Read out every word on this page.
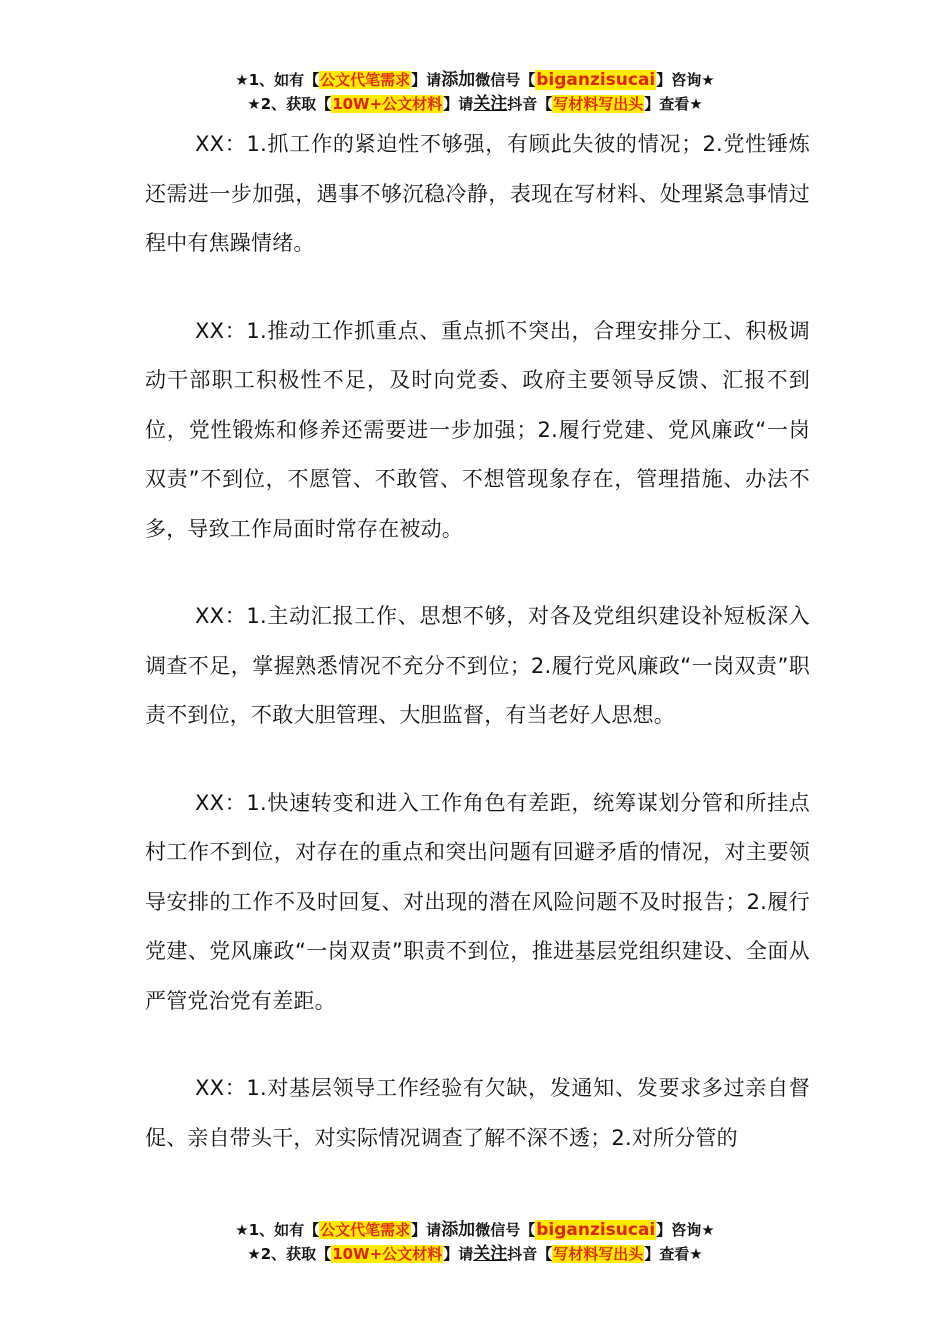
★1、如有【公文代笔需求】请添加微信号【biganzisucai】咨询★
★2、获取【10W+公文材料】请关注抖音【写材料写出头】查看★

XX：1.抓工作的紧迫性不够强，有顾此失彼的情况；2.党性锤炼还需进一步加强，遇事不够沉稳冷静，表现在写材料、处理紧急事情过程中有焦躁情绪。

XX：1.推动工作抓重点、重点抓不突出，合理安排分工、积极调动干部职工积极性不足，及时向党委、政府主要领导反馈、汇报不到位，党性锻炼和修养还需要进一步加强；2.履行党建、党风廉政“一岗双责”不到位，不愿管、不敢管、不想管现象存在，管理措施、办法不多，导致工作局面时常存在被动。

XX：1.主动汇报工作、思想不够，对各及党组织建设补短板深入调查不足，掌握熟悉情况不充分不到位；2.履行党风廉政“一岗双责”职责不到位，不敢大胆管理、大胆监督，有当老好人思想。

XX：1.快速转变和进入工作角色有差距，统筹谋划分管和所挂点村工作不到位，对存在的重点和突出问题有回避矛盾的情况，对主要领导安排的工作不及时回复、对出现的潜在风险问题不及时报告；2.履行党建、党风廉政“一岗双责”职责不到位，推进基层党组织建设、全面从严管党治党有差距。

XX：1.对基层领导工作经验有欠缺，发通知、发要求多过亲自督促、亲自带头干，对实际情况调查了解不深不透；2.对所分管的

★1、如有【公文代笔需求】请添加微信号【biganzisucai】咨询★
★2、获取【10W+公文材料】请关注抖音【写材料写出头】查看★
